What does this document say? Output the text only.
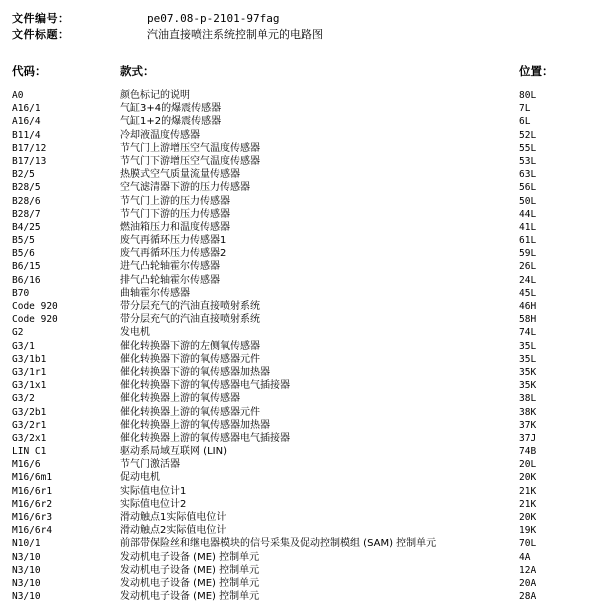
文件编号：	pe07.08-p-2101-97fag
文件标题：	汽油直接喷注系统控制单元的电路图
代码：	款式：	位置：
A0	颜色标记的说明	80L
A16/1	气缸3+4的爆震传感器	7L
A16/4	气缸1+2的爆震传感器	6L
B11/4	冷却液温度传感器	52L
B17/12	节气门上游增压空气温度传感器	55L
B17/13	节气门下游增压空气温度传感器	53L
B2/5	热膜式空气质量流量传感器	63L
B28/5	空气滤清器下游的压力传感器	56L
B28/6	节气门上游的压力传感器	50L
B28/7	节气门下游的压力传感器	44L
B4/25	燃油箱压力和温度传感器	41L
B5/5	废气再循环压力传感器1	61L
B5/6	废气再循环压力传感器2	59L
B6/15	进气凸轮轴霍尔传感器	26L
B6/16	排气凸轮轴霍尔传感器	24L
B70	曲轴霍尔传感器	45L
Code 920	带分层充气的汽油直接喷射系统	46H
Code 920	带分层充气的汽油直接喷射系统	58H
G2	发电机	74L
G3/1	催化转换器下游的左侧氧传感器	35L
G3/1b1	催化转换器下游的氧传感器元件	35L
G3/1r1	催化转换器下游的氧传感器加热器	35K
G3/1x1	催化转换器下游的氧传感器电气插接器	35K
G3/2	催化转换器上游的氧传感器	38L
G3/2b1	催化转换器上游的氧传感器元件	38K
G3/2r1	催化转换器上游的氧传感器加热器	37K
G3/2x1	催化转换器上游的氧传感器电气插接器	37J
LIN C1	驱动系局域互联网 (LIN)	74B
M16/6	节气门激活器	20L
M16/6m1	促动电机	20K
M16/6r1	实际值电位计1	21K
M16/6r2	实际值电位计2	21K
M16/6r3	滑动触点1实际值电位计	20K
M16/6r4	滑动触点2实际值电位计	19K
N10/1	前部带保险丝和继电器模块的信号采集及促动控制模组 (SAM) 控制单元	70L
N3/10	发动机电子设备 (ME) 控制单元	4A
N3/10	发动机电子设备 (ME) 控制单元	12A
N3/10	发动机电子设备 (ME) 控制单元	20A
N3/10	发动机电子设备 (ME) 控制单元	28A
